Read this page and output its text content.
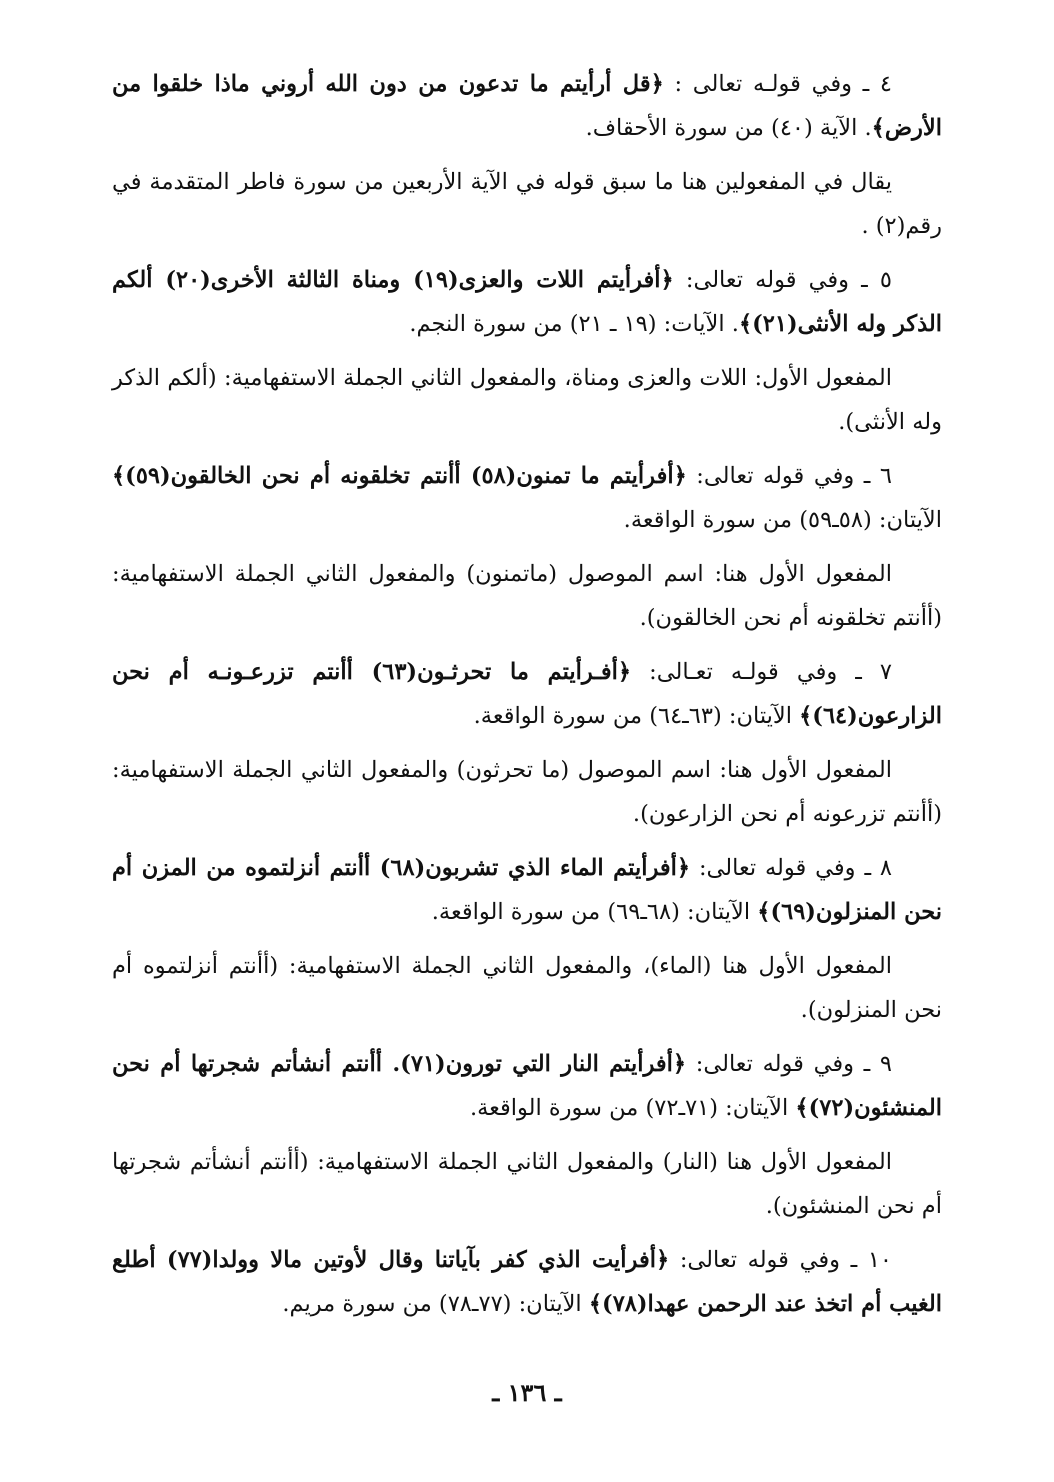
٤ ـ وفي قولـه تعالى : ﴿قل أرأيتم ما تدعون من دون الله أروني ماذا خلقوا من الأرض﴾. الآية (٤٠) من سورة الأحقاف.

يقال في المفعولين هنا ما سبق قوله في الآية الأربعين من سورة فاطر المتقدمة في رقم(٢) .

٥ ـ وفي قوله تعالى: ﴿أفرأيتم اللات والعزى(١٩) ومناة الثالثة الأخرى(٢٠) ألكم الذكر وله الأنثى(٢١)﴾. الآيات: (١٩ ـ ٢١) من سورة النجم.

المفعول الأول: اللات والعزى ومناة، والمفعول الثاني الجملة الاستفهامية: (ألكم الذكر وله الأنثى).

٦ ـ وفي قوله تعالى: ﴿أفرأيتم ما تمنون(٥٨) أأنتم تخلقونه أم نحن الخالقون(٥٩)﴾ الآيتان: (٥٨ـ٥٩) من سورة الواقعة.

المفعول الأول هنا: اسم الموصول (ماتمنون) والمفعول الثاني الجملة الاستفهامية: (أأنتم تخلقونه أم نحن الخالقون).

٧ ـ وفي قولـه تعـالى: ﴿أفـرأيتم ما تحرثـون(٦٣) أأنتم تزرعـونـه أم نحن الزارعون(٦٤)﴾ الآيتان: (٦٣ـ٦٤) من سورة الواقعة.

المفعول الأول هنا: اسم الموصول (ما تحرثون) والمفعول الثاني الجملة الاستفهامية: (أأنتم تزرعونه أم نحن الزارعون).

٨ ـ وفي قوله تعالى: ﴿أفرأيتم الماء الذي تشربون(٦٨) أأنتم أنزلتموه من المزن أم نحن المنزلون(٦٩)﴾ الآيتان: (٦٨ـ٦٩) من سورة الواقعة.

المفعول الأول هنا (الماء)، والمفعول الثاني الجملة الاستفهامية: (أأنتم أنزلتموه أم نحن المنزلون).

٩ ـ وفي قوله تعالى: ﴿أفرأيتم النار التي تورون(٧١). أأنتم أنشأتم شجرتها أم نحن المنشئون(٧٢)﴾ الآيتان: (٧١ـ٧٢) من سورة الواقعة.

المفعول الأول هنا (النار) والمفعول الثاني الجملة الاستفهامية: (أأنتم أنشأتم شجرتها أم نحن المنشئون).

١٠ ـ وفي قوله تعالى: ﴿أفرأيت الذي كفر بآياتنا وقال لأوتين مالا وولدا(٧٧) أطلع الغيب أم اتخذ عند الرحمن عهدا(٧٨)﴾ الآيتان: (٧٧ـ٧٨) من سورة مريم.

ـ ١٣٦ ـ
